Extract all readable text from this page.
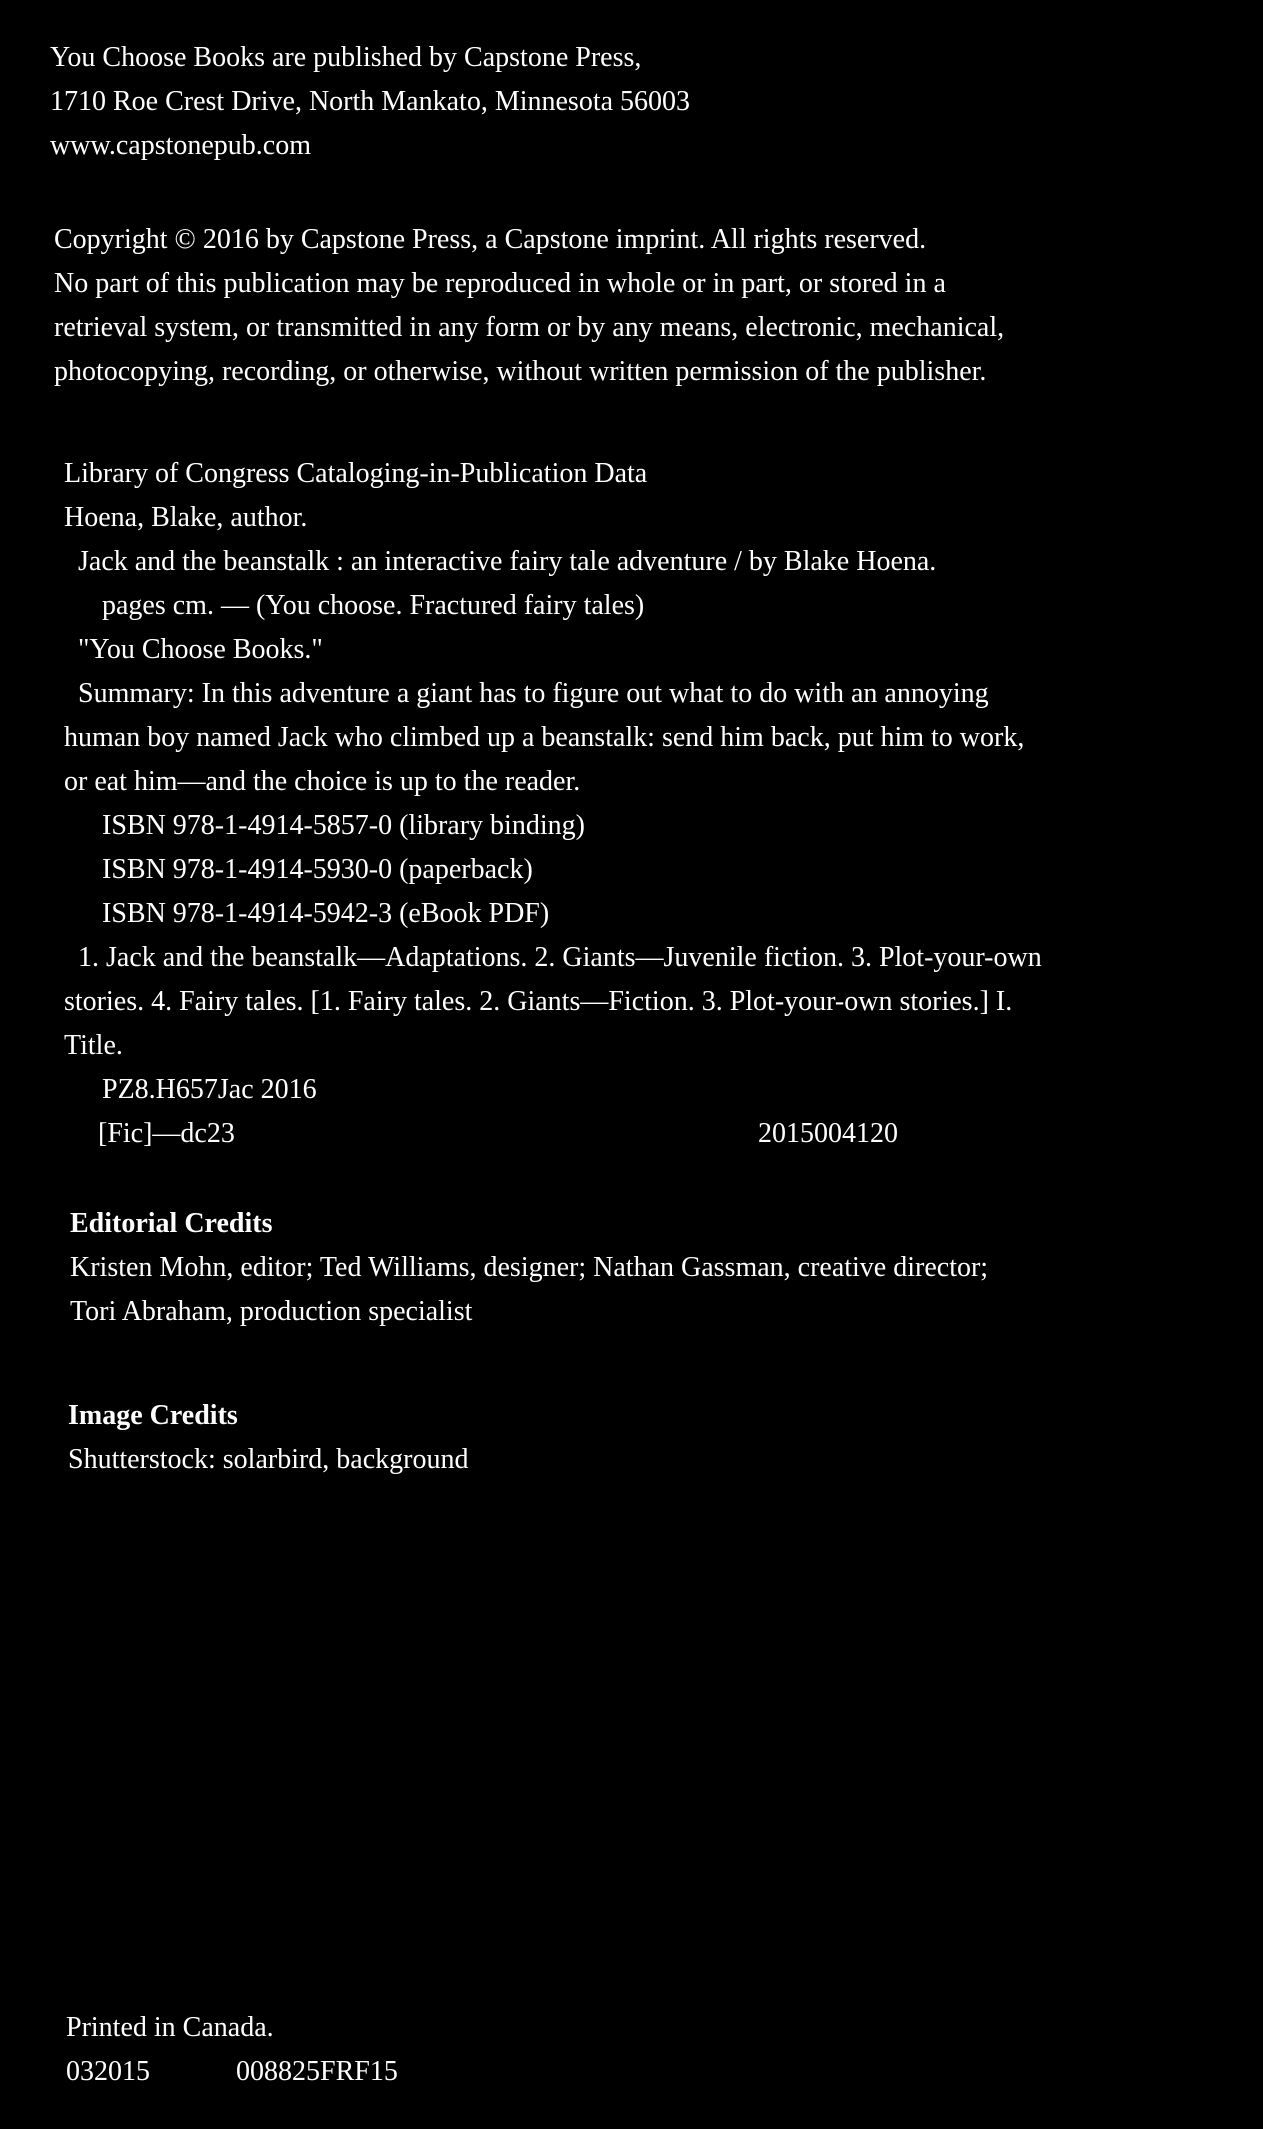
You Choose Books are published by Capstone Press,
1710 Roe Crest Drive, North Mankato, Minnesota 56003
www.capstonepub.com
Copyright © 2016 by Capstone Press, a Capstone imprint. All rights reserved.
No part of this publication may be reproduced in whole or in part, or stored in a
retrieval system, or transmitted in any form or by any means, electronic, mechanical,
photocopying, recording, or otherwise, without written permission of the publisher.
Library of Congress Cataloging-in-Publication Data
Hoena, Blake, author.
Jack and the beanstalk : an interactive fairy tale adventure / by Blake Hoena.
pages cm. — (You choose. Fractured fairy tales)
"You Choose Books."
Summary: In this adventure a giant has to figure out what to do with an annoying
human boy named Jack who climbed up a beanstalk: send him back, put him to work,
or eat him—and the choice is up to the reader.
ISBN 978-1-4914-5857-0 (library binding)
ISBN 978-1-4914-5930-0 (paperback)
ISBN 978-1-4914-5942-3 (eBook PDF)
1. Jack and the beanstalk—Adaptations. 2. Giants—Juvenile fiction. 3. Plot-your-own
stories. 4. Fairy tales. [1. Fairy tales. 2. Giants—Fiction. 3. Plot-your-own stories.] I.
Title.
PZ8.H657Jac 2016
[Fic]—dc23	2015004120
Editorial Credits
Kristen Mohn, editor; Ted Williams, designer; Nathan Gassman, creative director;
Tori Abraham, production specialist
Image Credits
Shutterstock: solarbird, background
Printed in Canada.
032015	008825FRF15
